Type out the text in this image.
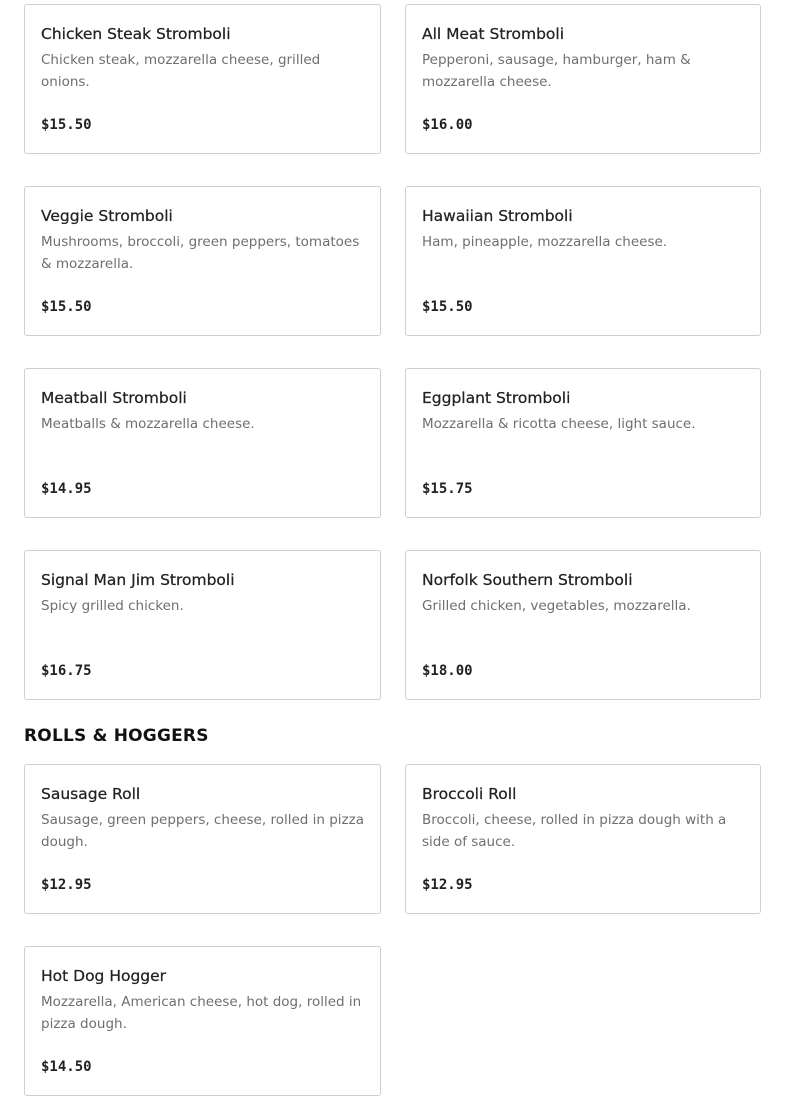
Chicken Steak Stromboli
Chicken steak, mozzarella cheese, grilled onions.
$15.50
All Meat Stromboli
Pepperoni, sausage, hamburger, ham & mozzarella cheese.
$16.00
Veggie Stromboli
Mushrooms, broccoli, green peppers, tomatoes & mozzarella.
$15.50
Hawaiian Stromboli
Ham, pineapple, mozzarella cheese.
$15.50
Meatball Stromboli
Meatballs & mozzarella cheese.
$14.95
Eggplant Stromboli
Mozzarella & ricotta cheese, light sauce.
$15.75
Signal Man Jim Stromboli
Spicy grilled chicken.
$16.75
Norfolk Southern Stromboli
Grilled chicken, vegetables, mozzarella.
$18.00
ROLLS & HOGGERS
Sausage Roll
Sausage, green peppers, cheese, rolled in pizza dough.
$12.95
Broccoli Roll
Broccoli, cheese, rolled in pizza dough with a side of sauce.
$12.95
Hot Dog Hogger
Mozzarella, American cheese, hot dog, rolled in pizza dough.
$14.50
